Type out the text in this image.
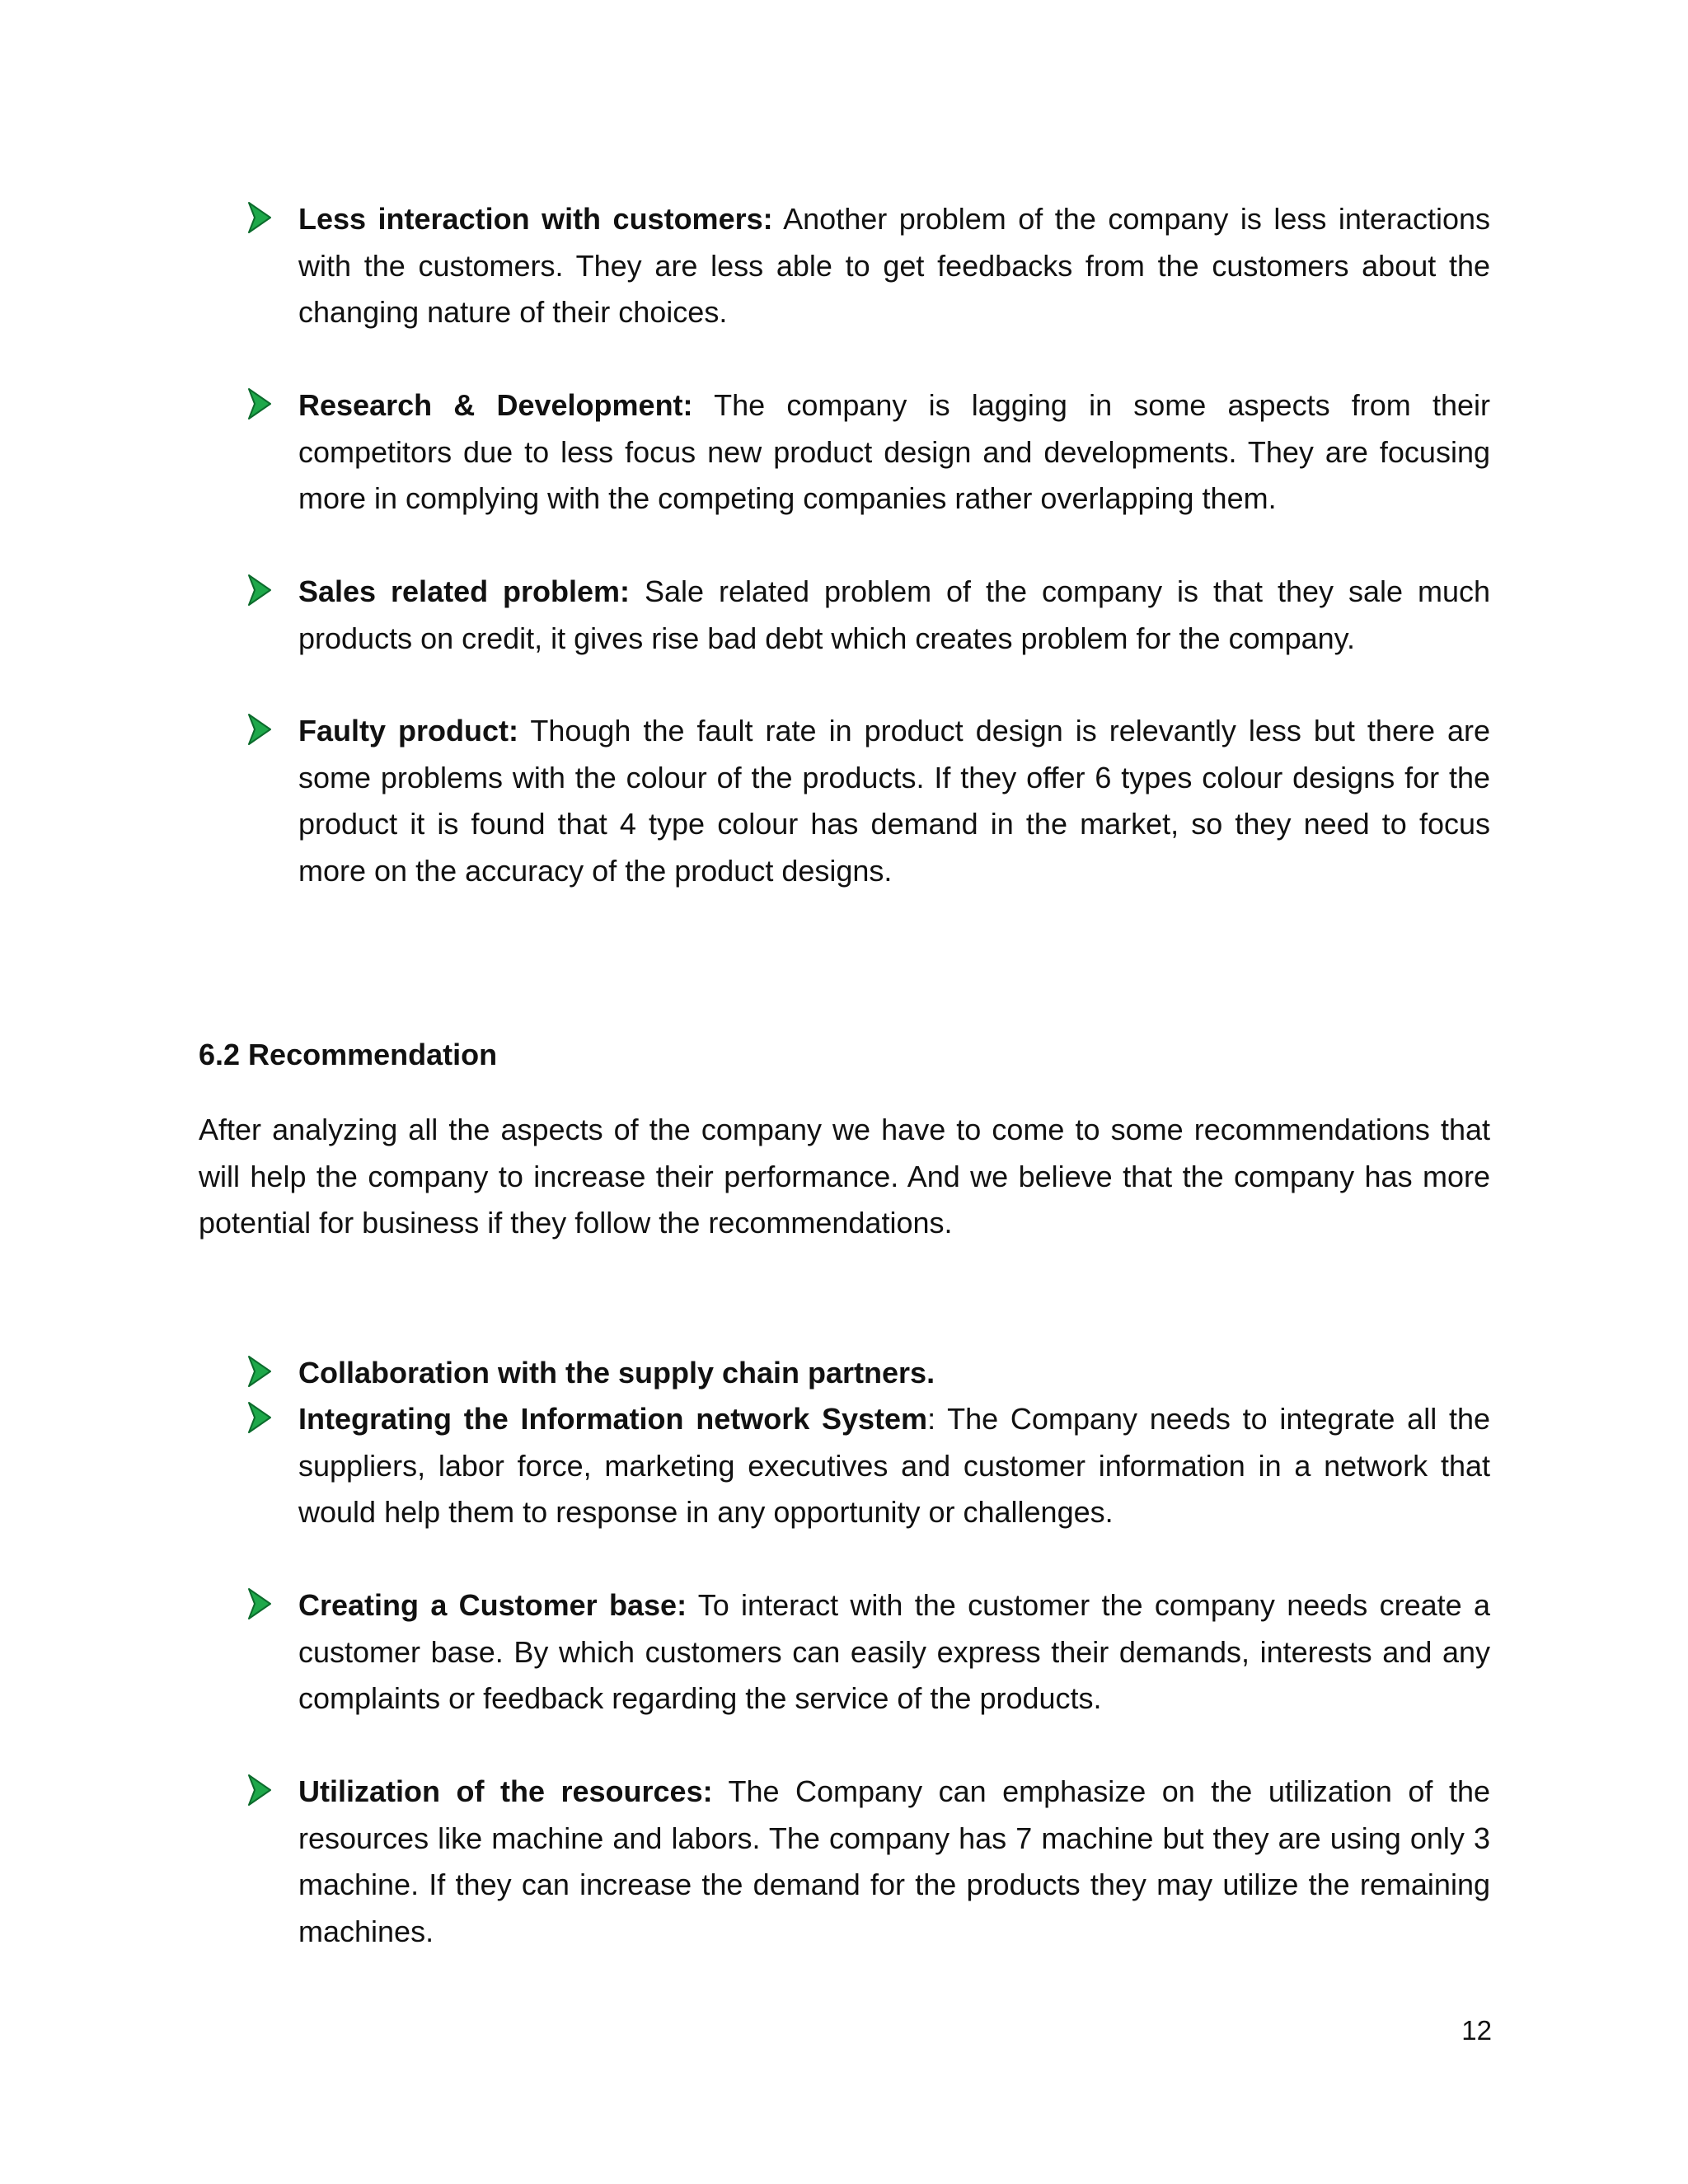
Less interaction with customers: Another problem of the company is less interactions with the customers. They are less able to get feedbacks from the customers about the changing nature of their choices.
Research & Development: The company is lagging in some aspects from their competitors due to less focus new product design and developments. They are focusing more in complying with the competing companies rather overlapping them.
Sales related problem: Sale related problem of the company is that they sale much products on credit, it gives rise bad debt which creates problem for the company.
Faulty product: Though the fault rate in product design is relevantly less but there are some problems with the colour of the products. If they offer 6 types colour designs for the product it is found that 4 type colour has demand in the market, so they need to focus more on the accuracy of the product designs.
6.2 Recommendation
After analyzing all the aspects of the company we have to come to some recommendations that will help the company to increase their performance. And we believe that the company has more potential for business if they follow the recommendations.
Collaboration with the supply chain partners.
Integrating the Information network System: The Company needs to integrate all the suppliers, labor force, marketing executives and customer information in a network that would help them to response in any opportunity or challenges.
Creating a Customer base: To interact with the customer the company needs create a customer base. By which customers can easily express their demands, interests and any complaints or feedback regarding the service of the products.
Utilization of the resources: The Company can emphasize on the utilization of the resources like machine and labors. The company has 7 machine but they are using only 3 machine. If they can increase the demand for the products they may utilize the remaining machines.
12
